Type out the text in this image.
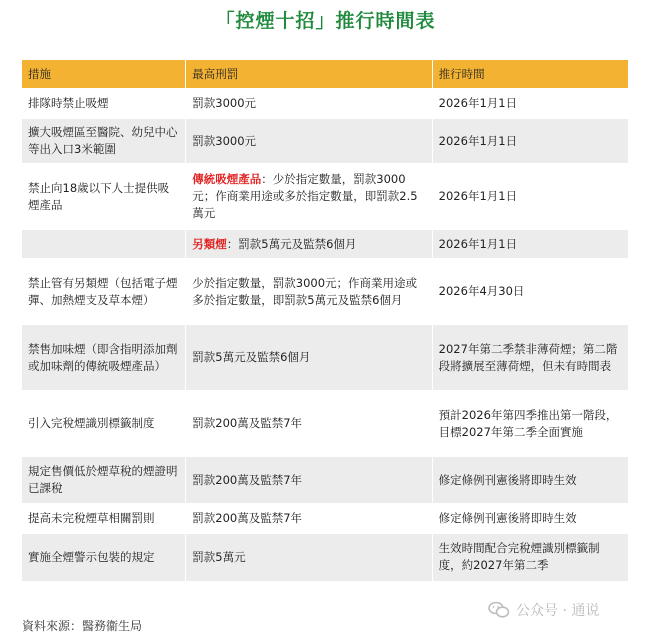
「控煙十招」推行時間表
措施	最高刑罰	推行時間
排隊時禁止吸煙	罰款3000元	2026年1月1日
擴大吸煙區至醫院、幼兒中心等出入口3米範圍	罰款3000元	2026年1月1日
禁止向18歲以下人士提供吸煙產品	傳統吸煙產品：少於指定數量，罰款3000元；作商業用途或多於指定數量，即罰款2.5萬元	2026年1月1日
	另類煙：罰款5萬元及監禁6個月	2026年1月1日
禁止管有另類煙（包括電子煙彈、加熱煙支及草本煙）	少於指定數量，罰款3000元；作商業用途或多於指定數量，即罰款5萬元及監禁6個月	2026年4月30日
禁售加味煙（即含指明添加劑或加味劑的傳統吸煙產品）	罰款5萬元及監禁6個月	2027年第二季禁非薄荷煙；第二階段將擴展至薄荷煙，但未有時間表
引入完稅煙識別標籤制度	罰款200萬及監禁7年	預計2026年第四季推出第一階段，目標2027年第二季全面實施
規定售價低於煙草稅的煙證明已課稅	罰款200萬及監禁7年	修定條例刊憲後將即時生效
提高未完稅煙草相關罰則	罰款200萬及監禁7年	修定條例刊憲後將即時生效
實施全煙警示包裝的規定	罰款5萬元	生效時間配合完稅煙識別標籤制度，約2027年第二季
資料來源：醫務衞生局
公众号 · 通说
